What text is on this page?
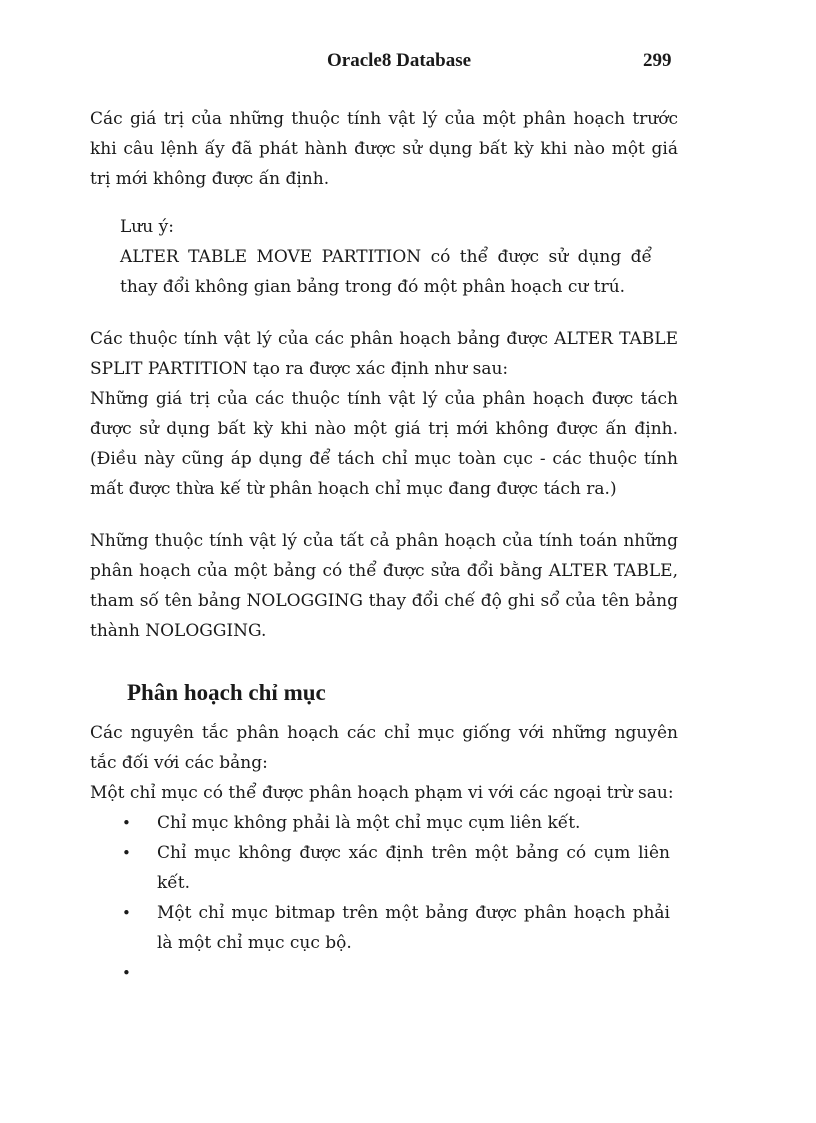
Oracle8 Database	299

Các giá trị của những thuộc tính vật lý của một phân hoạch trước khi câu lệnh ấy đã phát hành được sử dụng bất kỳ khi nào một giá trị mới không được ấn định.

Lưu ý:

ALTER TABLE MOVE PARTITION có thể được sử dụng để thay đổi không gian bảng trong đó một phân hoạch cư trú.

Các thuộc tính vật lý của các phân hoạch bảng được ALTER TABLE SPLIT PARTITION tạo ra được xác định như sau:

Những giá trị của các thuộc tính vật lý của phân hoạch được tách được sử dụng bất kỳ khi nào một giá trị mới không được ấn định. (Điều này cũng áp dụng để tách chỉ mục toàn cục - các thuộc tính mất được thừa kế từ phân hoạch chỉ mục đang được tách ra.)

Những thuộc tính vật lý của tất cả phân hoạch của tính toán những phân hoạch của một bảng có thể được sửa đổi bằng ALTER TABLE, tham số tên bảng NOLOGGING thay đổi chế độ ghi sổ của tên bảng thành NOLOGGING.

Phân hoạch chỉ mục

Các nguyên tắc phân hoạch các chỉ mục giống với những nguyên tắc đối với các bảng:

Một chỉ mục có thể được phân hoạch phạm vi với các ngoại trừ sau:

• Chỉ mục không phải là một chỉ mục cụm liên kết.
• Chỉ mục không được xác định trên một bảng có cụm liên kết.
• Một chỉ mục bitmap trên một bảng được phân hoạch phải là một chỉ mục cục bộ.
•
